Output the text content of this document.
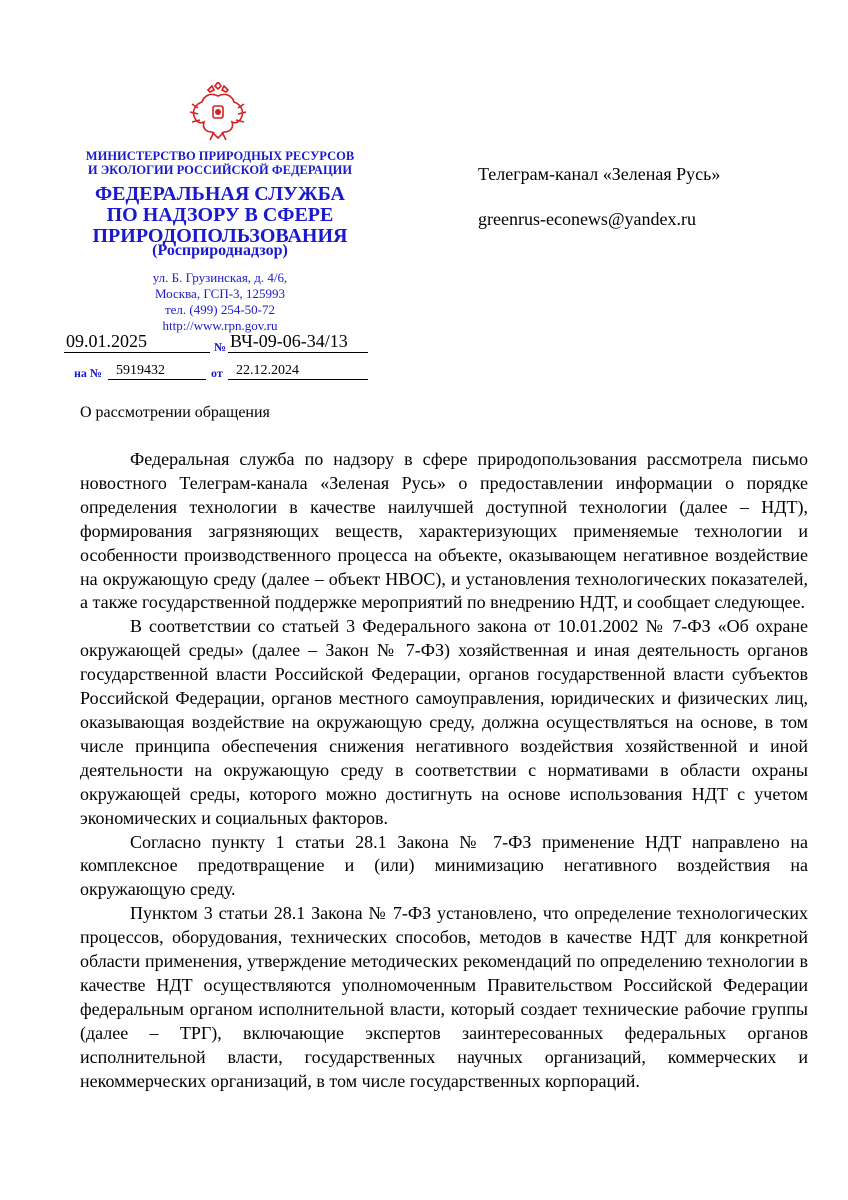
МИНИСТЕРСТВО ПРИРОДНЫХ РЕСУРСОВ
И ЭКОЛОГИИ РОССИЙСКОЙ ФЕДЕРАЦИИ
ФЕДЕРАЛЬНАЯ СЛУЖБА
ПО НАДЗОРУ В СФЕРЕ
ПРИРОДОПОЛЬЗОВАНИЯ
(Росприроднадзор)
ул. Б. Грузинская, д. 4/6,
Москва, ГСП-3, 125993
тел. (499) 254-50-72
http://www.rpn.gov.ru
09.01.2025	№ ВЧ-09-06-34/13
на № 5919432	от 22.12.2024
Телеграм-канал «Зеленая Русь»
greenrus-econews@yandex.ru
О рассмотрении обращения

Федеральная служба по надзору в сфере природопользования рассмотрела письмо новостного Телеграм-канала «Зеленая Русь» о предоставлении информации о порядке определения технологии в качестве наилучшей доступной технологии (далее – НДТ), формирования загрязняющих веществ, характеризующих применяемые технологии и особенности производственного процесса на объекте, оказывающем негативное воздействие на окружающую среду (далее – объект НВОС), и установления технологических показателей, а также государственной поддержке мероприятий по внедрению НДТ, и сообщает следующее.

В соответствии со статьей 3 Федерального закона от 10.01.2002 № 7-ФЗ «Об охране окружающей среды» (далее – Закон № 7-ФЗ) хозяйственная и иная деятельность органов государственной власти Российской Федерации, органов государственной власти субъектов Российской Федерации, органов местного самоуправления, юридических и физических лиц, оказывающая воздействие на окружающую среду, должна осуществляться на основе, в том числе принципа обеспечения снижения негативного воздействия хозяйственной и иной деятельности на окружающую среду в соответствии с нормативами в области охраны окружающей среды, которого можно достигнуть на основе использования НДТ с учетом экономических и социальных факторов.

Согласно пункту 1 статьи 28.1 Закона № 7-ФЗ применение НДТ направлено на комплексное предотвращение и (или) минимизацию негативного воздействия на окружающую среду.

Пунктом 3 статьи 28.1 Закона № 7-ФЗ установлено, что определение технологических процессов, оборудования, технических способов, методов в качестве НДТ для конкретной области применения, утверждение методических рекомендаций по определению технологии в качестве НДТ осуществляются уполномоченным Правительством Российской Федерации федеральным органом исполнительной власти, который создает технические рабочие группы (далее – ТРГ), включающие экспертов заинтересованных федеральных органов исполнительной власти, государственных научных организаций, коммерческих и некоммерческих организаций, в том числе государственных корпораций.
